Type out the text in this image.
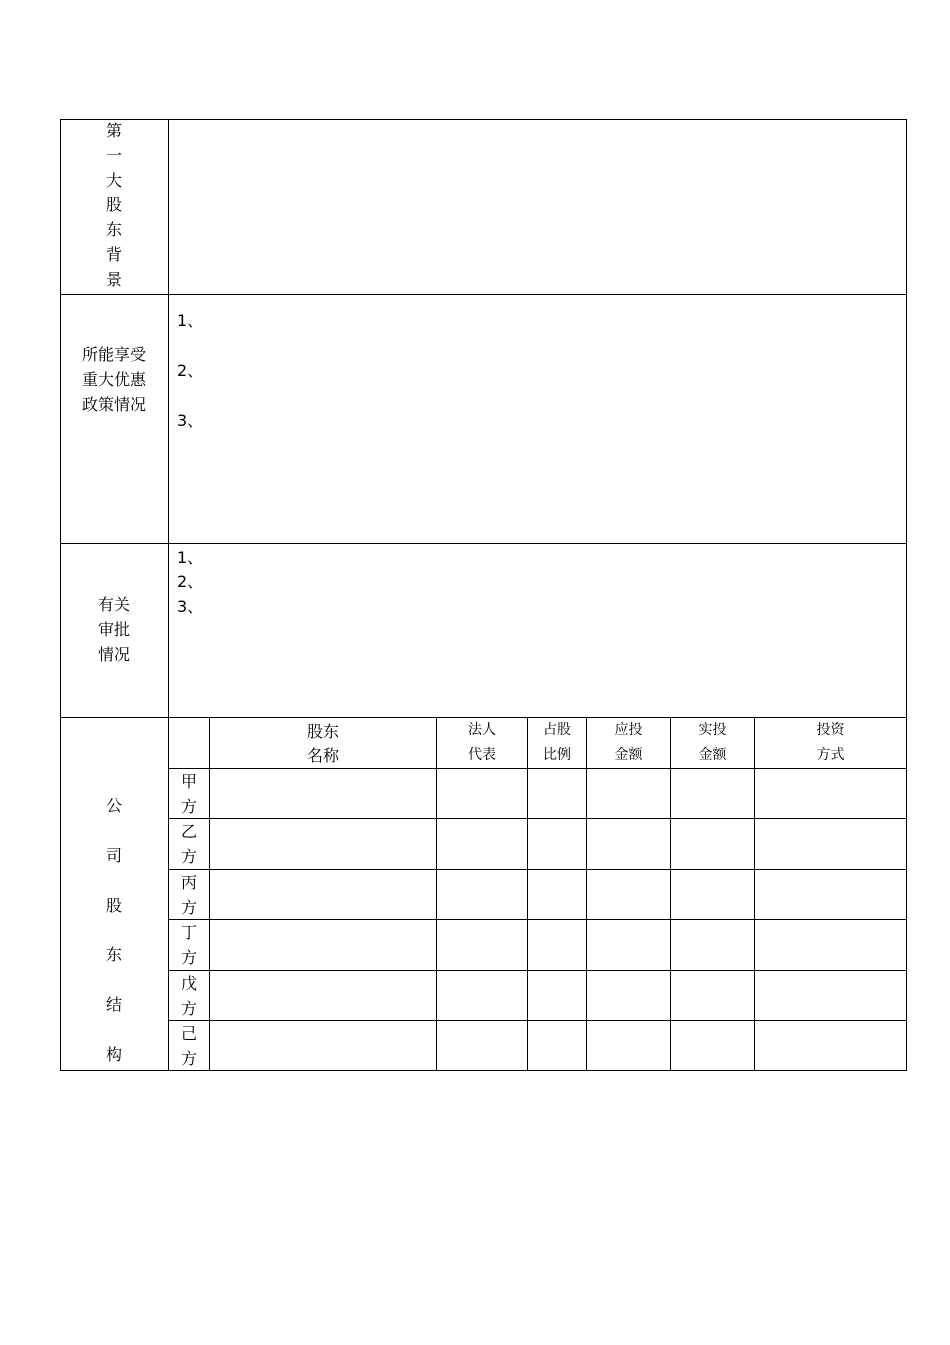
第
一
大
股
东
背
景
所能享受
重大优惠
政策情况
1、
2、
3、
有关
审批
情况
1、
2、
3、
公
司
股
东
结
构
股东
名称
法人
代表
占股
比例
应投
金额
实投
金额
投资
方式
甲
方
乙
方
丙
方
丁
方
戊
方
己
方
